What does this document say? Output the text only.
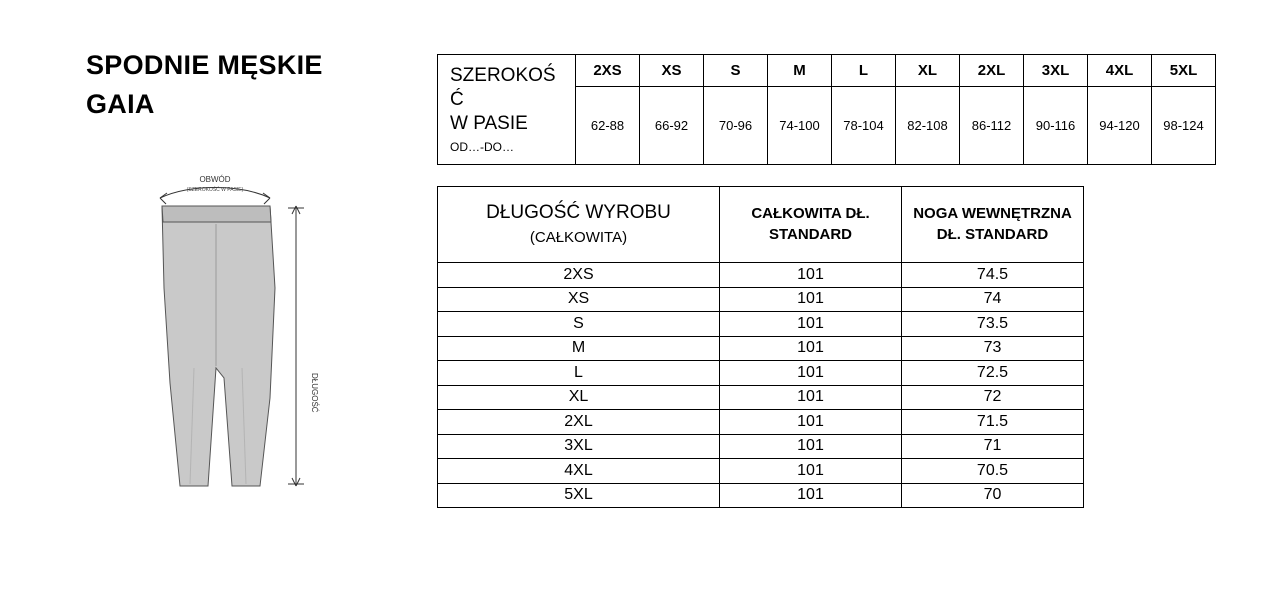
SPODNIE MĘSKIE
GAIA
OBWÓD
(SZEROKOŚĆ W PASIE)
DŁUGOŚĆ
SZEROKOŚ
Ć
W PASIE
OD…-DO…	2XS	XS	S	M	L	XL	2XL	3XL	4XL	5XL
	62-88	66-92	70-96	74-100	78-104	82-108	86-112	90-116	94-120	98-124
DŁUGOŚĆ WYROBU
(CAŁKOWITA)	CAŁKOWITA DŁ. STANDARD	NOGA WEWNĘTRZNA DŁ. STANDARD
2XS	101	74.5
XS	101	74
S	101	73.5
M	101	73
L	101	72.5
XL	101	72
2XL	101	71.5
3XL	101	71
4XL	101	70.5
5XL	101	70
